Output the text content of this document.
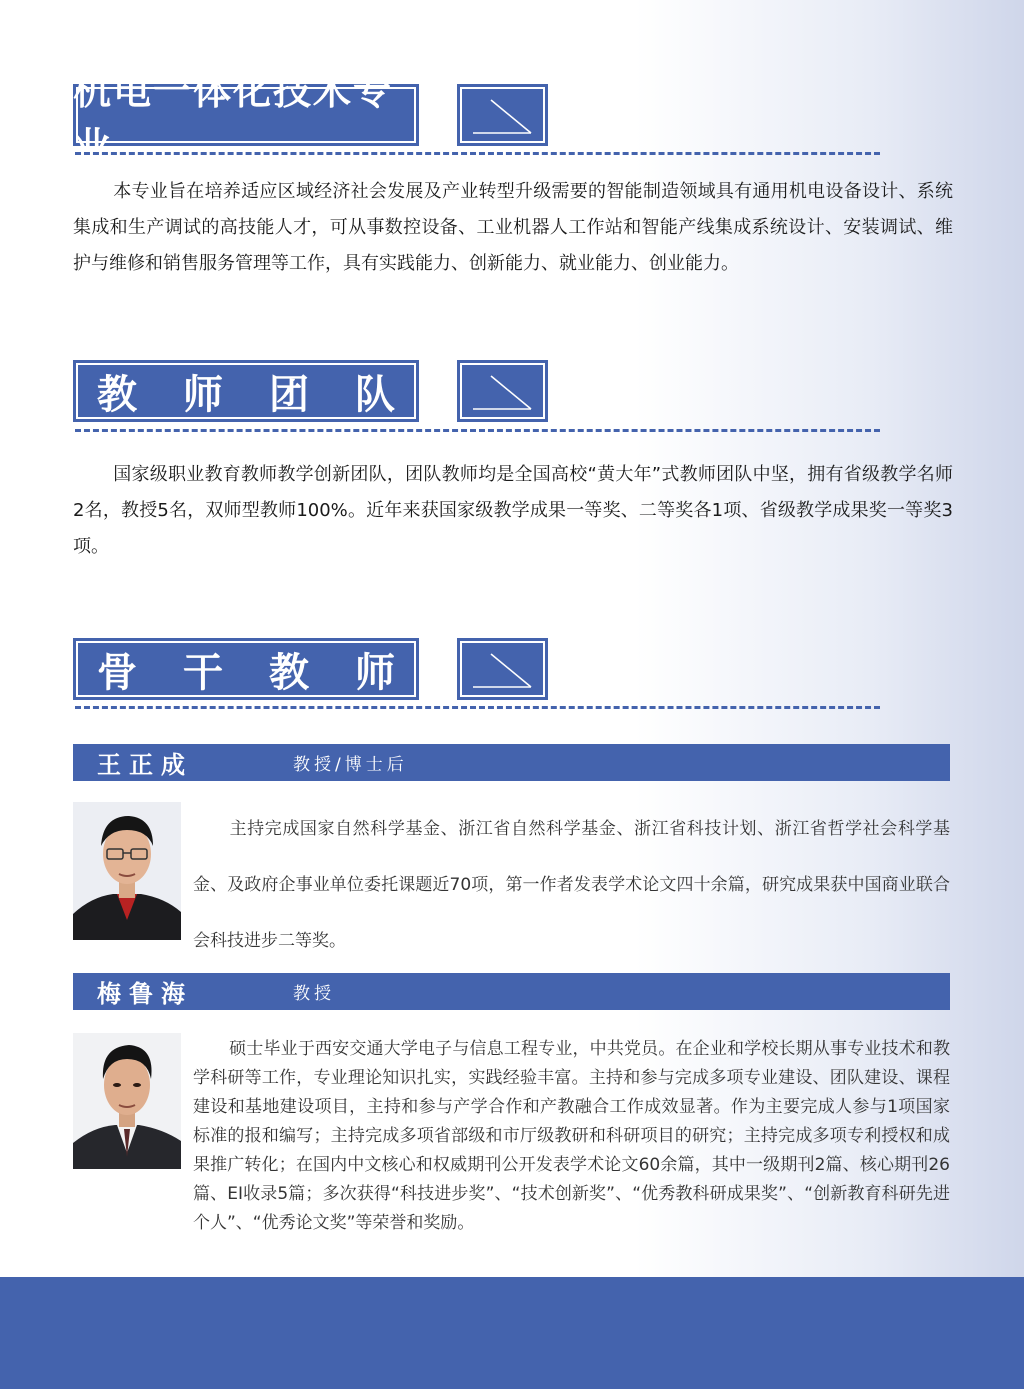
机电一体化技术专业
本专业旨在培养适应区域经济社会发展及产业转型升级需要的智能制造领域具有通用机电设备设计、系统集成和生产调试的高技能人才，可从事数控设备、工业机器人工作站和智能产线集成系统设计、安装调试、维护与维修和销售服务管理等工作，具有实践能力、创新能力、就业能力、创业能力。
教师团队
国家级职业教育教师教学创新团队，团队教师均是全国高校“黄大年”式教师团队中坚，拥有省级教学名师2名，教授5名，双师型教师100%。近年来获国家级教学成果一等奖、二等奖各1项、省级教学成果奖一等奖3项。
骨干教师
王正成	教授/博士后
主持完成国家自然科学基金、浙江省自然科学基金、浙江省科技计划、浙江省哲学社会科学基金、及政府企事业单位委托课题近70项，第一作者发表学术论文四十余篇，研究成果获中国商业联合会科技进步二等奖。
梅鲁海	教授
硕士毕业于西安交通大学电子与信息工程专业，中共党员。在企业和学校长期从事专业技术和教学科研等工作，专业理论知识扎实，实践经验丰富。主持和参与完成多项专业建设、团队建设、课程建设和基地建设项目，主持和参与产学合作和产教融合工作成效显著。作为主要完成人参与1项国家标准的报和编写；主持完成多项省部级和市厅级教研和科研项目的研究；主持完成多项专利授权和成果推广转化；在国内中文核心和权威期刊公开发表学术论文60余篇，其中一级期刊2篇、核心期刊26篇、EI收录5篇；多次获得“科技进步奖”、“技术创新奖”、“优秀教科研成果奖”、“创新教育科研先进个人”、“优秀论文奖”等荣誉和奖励。
